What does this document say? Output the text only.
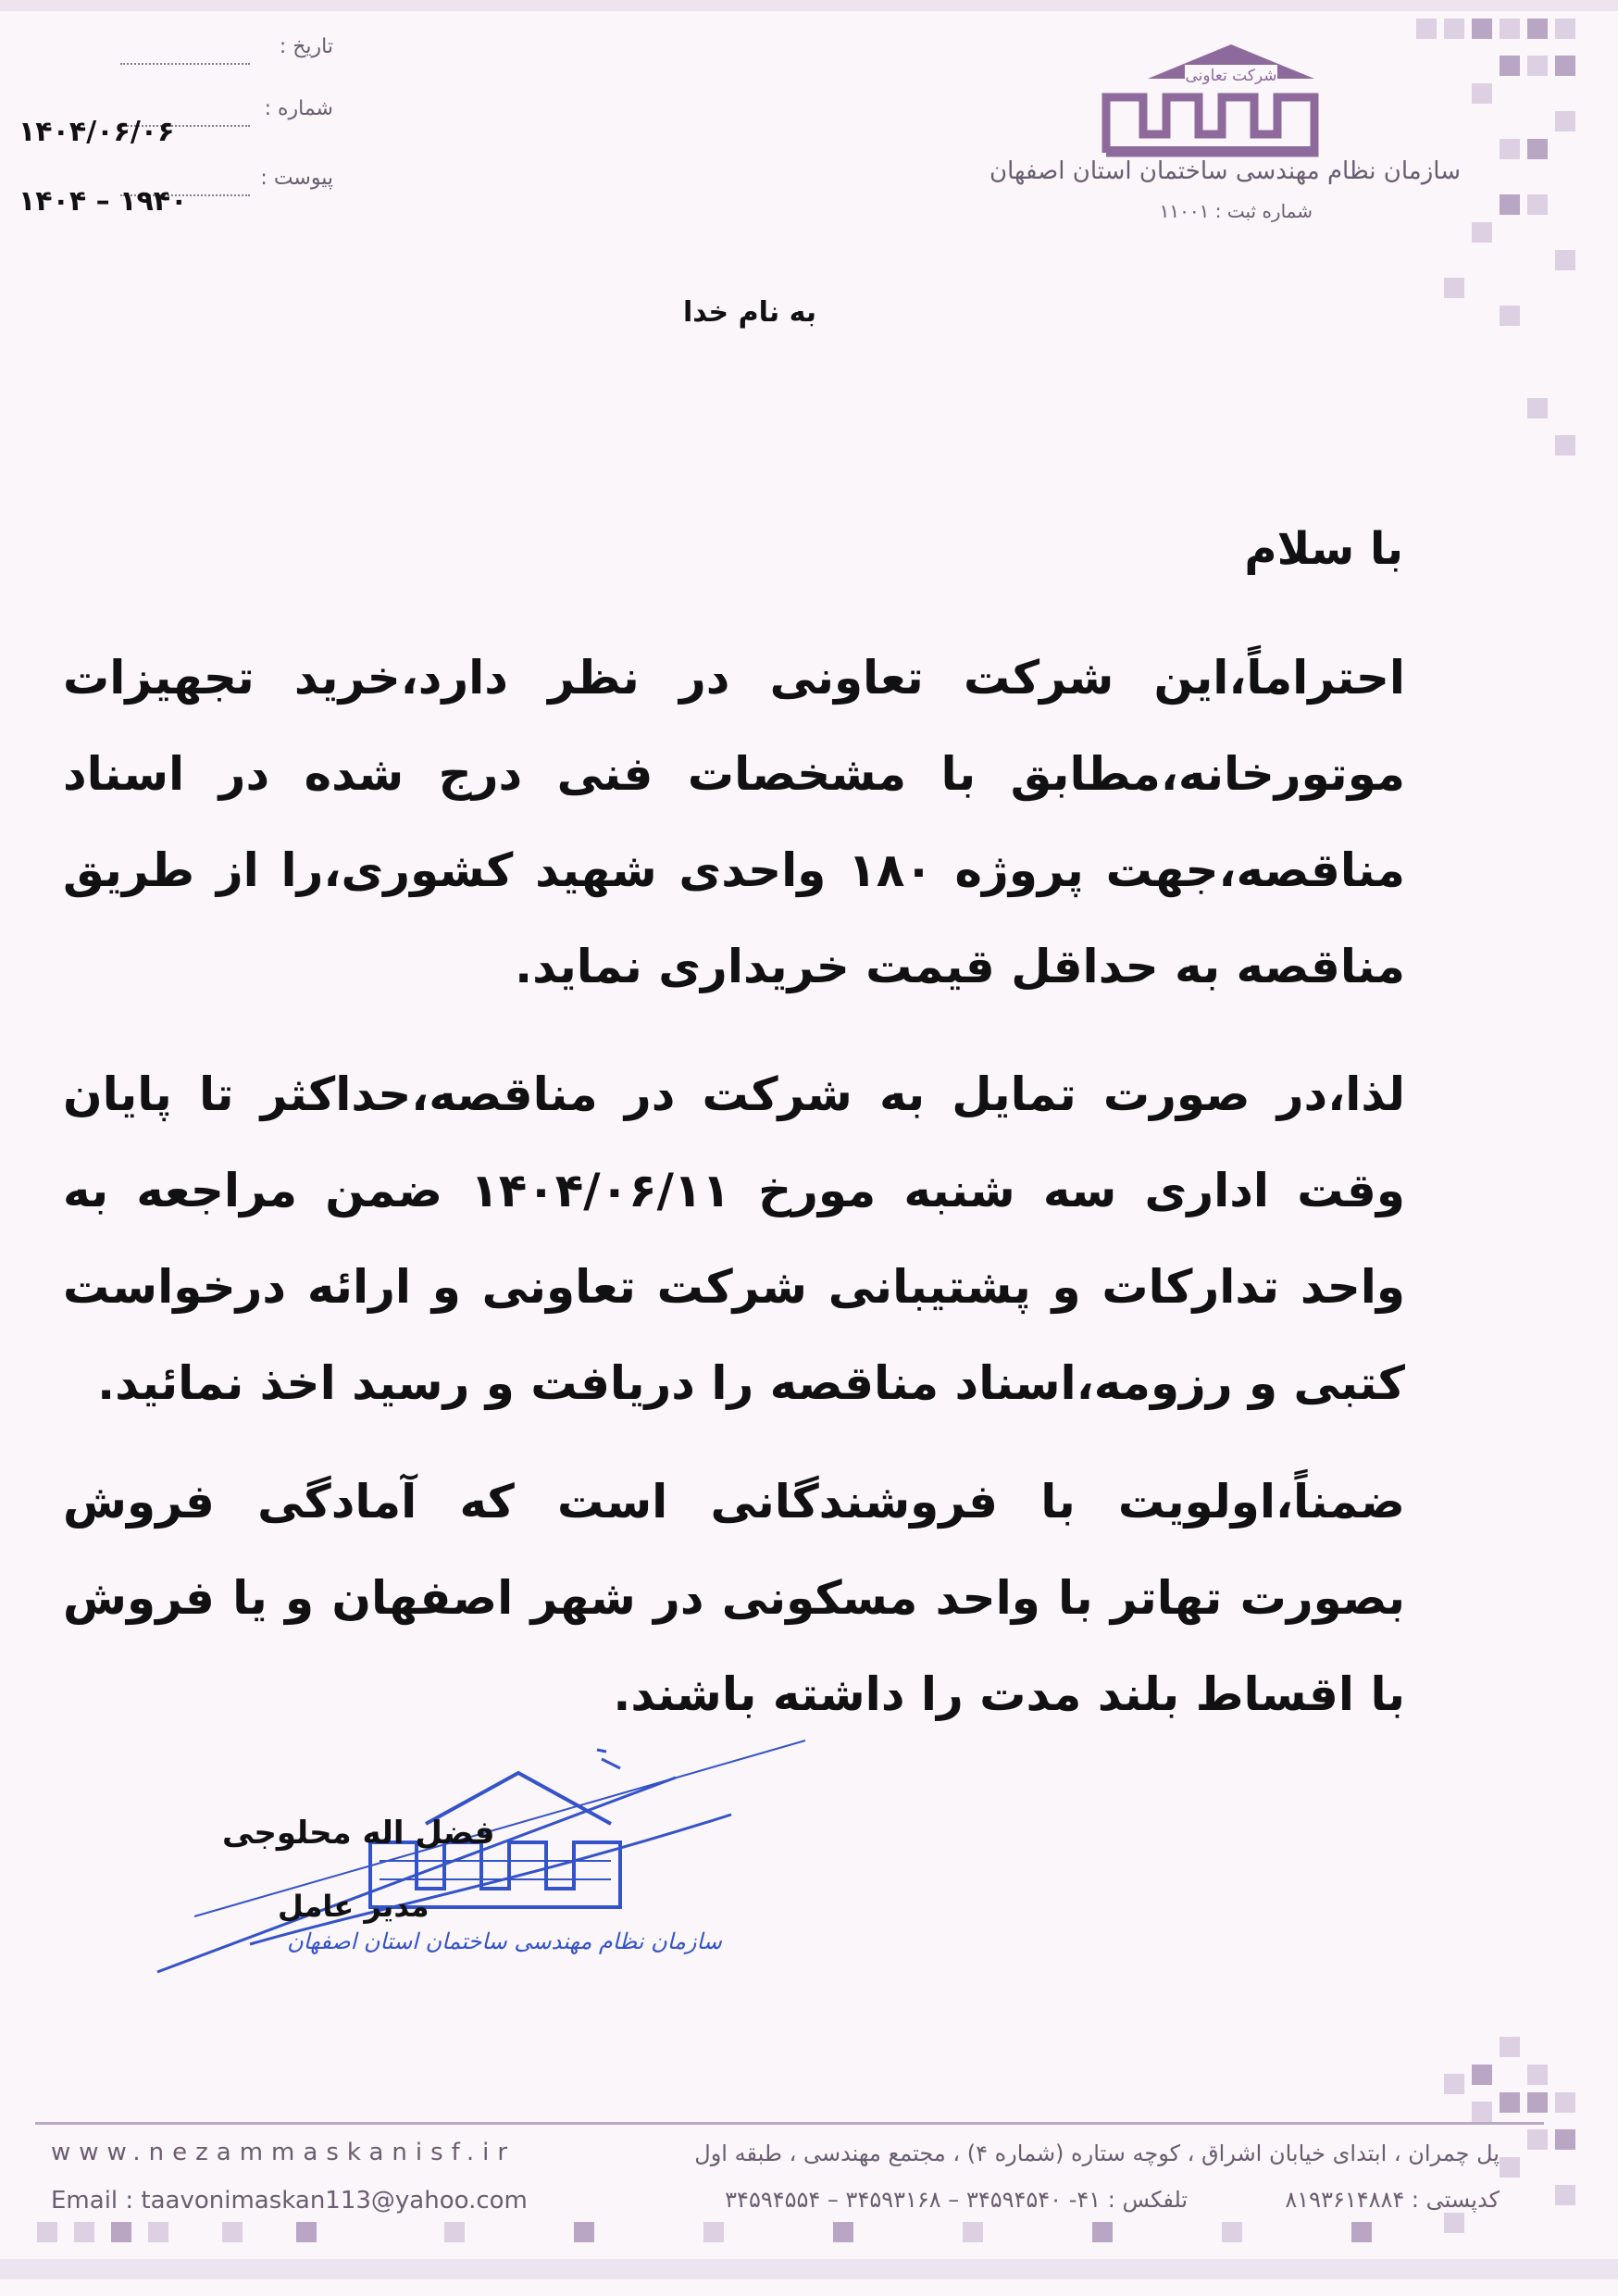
تاریخ :
شماره :
۱۴۰۴/۰۶/۰۶
پیوست :
۱۴۰۴ – ۱۹۴۰
شرکت تعاونی
سازمان نظام مهندسی ساختمان استان اصفهان
شماره ثبت : ۱۱۰۰۱
به نام خدا
با سلام
احتراماً،این شرکت تعاونی در نظر دارد،خرید تجهیزات موتورخانه،مطابق با مشخصات فنی درج شده در اسناد مناقصه،جهت پروژه ۱۸۰ واحدی شهید کشوری،را از طریق مناقصه به حداقل قیمت خریداری نماید.
لذا،در صورت تمایل به شرکت در مناقصه،حداکثر تا پایان وقت اداری سه شنبه مورخ ۱۴۰۴/۰۶/۱۱ ضمن مراجعه به واحد تداركات و پشتیبانی شرکت تعاونی و ارائه درخواست کتبی و رزومه،اسناد مناقصه را دریافت و رسید اخذ نمائید.
ضمناً،اولویت با فروشندگانی است که آمادگی فروش بصورت تهاتر با واحد مسکونی در شهر اصفهان و یا فروش با اقساط بلند مدت را داشته باشند.
سازمان نظام مهندسی ساختمان استان اصفهان
فضل اله محلوجی
مدیر عامل
www.nezammaskanisf.ir
Email : taavonimaskan113@yahoo.com
پل چمران ، ابتدای خیابان اشراق ، کوچه ستاره (شماره ۴) ، مجتمع مهندسی ، طبقه اول
کدپستی : ۸۱۹۳۶۱۴۸۸۴  تلفکس : ۴۱- ۳۴۵۹۴۵۴۰ – ۳۴۵۹۳۱۶۸ – ۳۴۵۹۴۵۵۴
